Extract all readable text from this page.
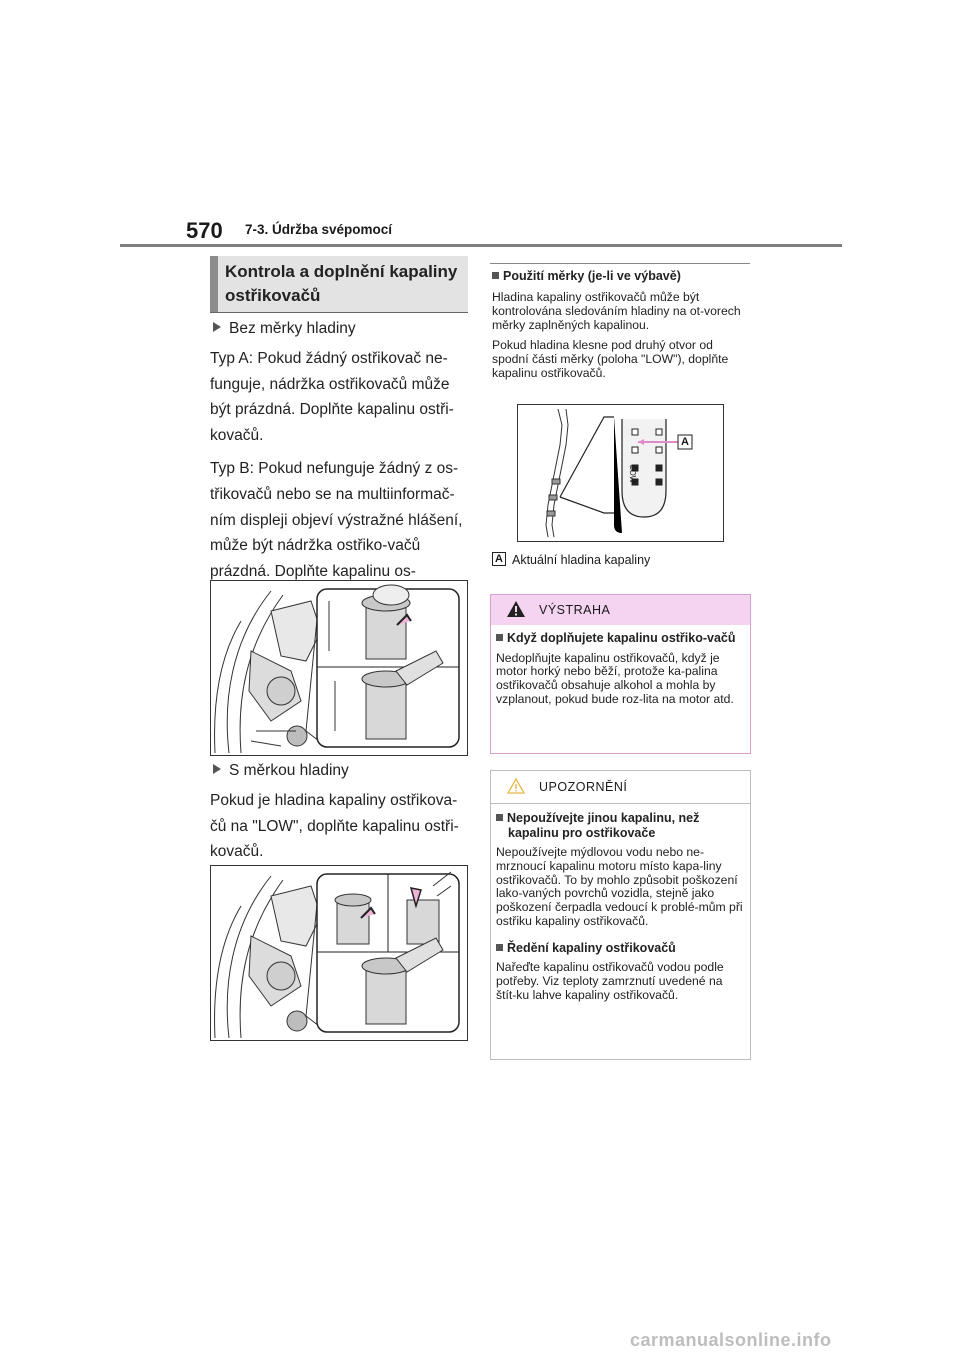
570 7-3. Údržba svépomocí
Kontrola a doplnění kapaliny ostřikovačů
Bez měrky hladiny

Typ A: Pokud žádný ostřikovač ne-funguje, nádržka ostřikovačů může být prázdná. Doplňte kapalinu ostři-kovačů.

Typ B: Pokud nefunguje žádný z os-třikovačů nebo se na multiinformač-ním displeji objeví výstražné hlášení, může být nádržka ostřiko-vačů prázdná. Doplňte kapalinu os-

S měrkou hladiny

Pokud je hladina kapaliny ostřikova-čů na "LOW", doplňte kapalinu ostři-kovačů.

Použití měrky (je-li ve výbavě)

Hladina kapaliny ostřikovačů může být kontrolována sledováním hladiny na ot-vorech měrky zaplněných kapalinou.

Pokud hladina klesne pod druhý otvor od spodní části měrky (poloha "LOW"), doplňte kapalinu ostřikovačů.

A
LOW
A Aktuální hladina kapaliny
VÝSTRAHA
Když doplňujete kapalinu ostřiko-vačů
Nedoplňujte kapalinu ostřikovačů, když je motor horký nebo běží, protože ka-palina ostřikovačů obsahuje alkohol a mohla by vzplanout, pokud bude roz-lita na motor atd.
UPOZORNĚNÍ
Nepoužívejte jinou kapalinu, než kapalinu pro ostřikovače
Nepoužívejte mýdlovou vodu nebo ne-mrznoucí kapalinu motoru místo kapa-liny ostřikovačů. To by mohlo způsobit poškození lako-vaných povrchů vozidla, stejně jako poškození čerpadla vedoucí k problé-mům při ostřiku kapaliny ostřikovačů.
Ředění kapaliny ostřikovačů
Nařeďte kapalinu ostřikovačů vodou podle potřeby. Viz teploty zamrznutí uvedené na štít-ku lahve kapaliny ostřikovačů.
carmanualsonline.info
